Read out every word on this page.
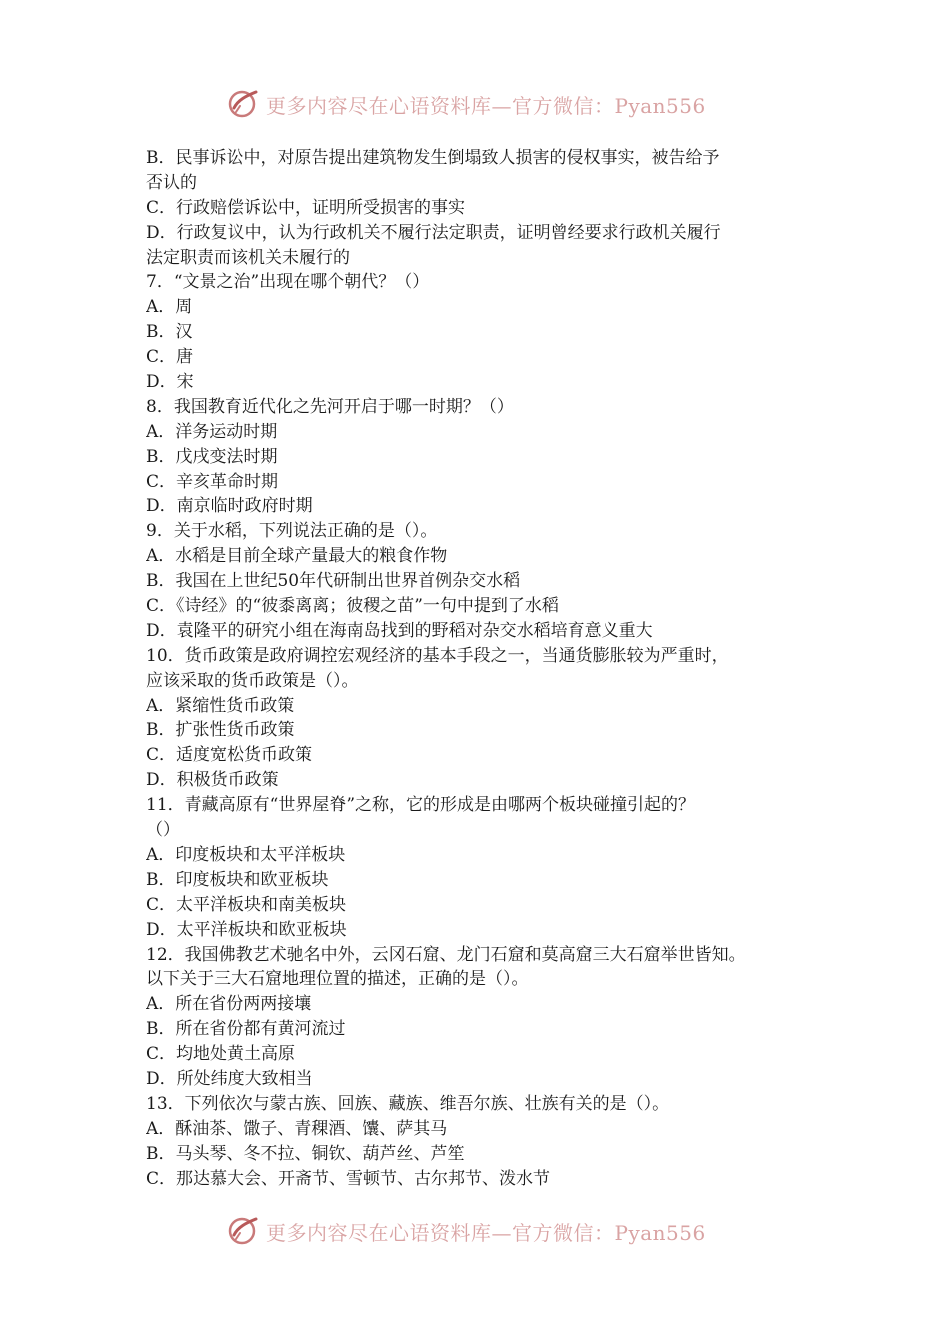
更多内容尽在心语资料库—官方微信：Pyan556
B．民事诉讼中，对原告提出建筑物发生倒塌致人损害的侵权事实，被告给予
否认的
C．行政赔偿诉讼中，证明所受损害的事实
D．行政复议中，认为行政机关不履行法定职责，证明曾经要求行政机关履行
法定职责而该机关未履行的
7．“文景之治”出现在哪个朝代？（）
A．周
B．汉
C．唐
D．宋
8．我国教育近代化之先河开启于哪一时期？（）
A．洋务运动时期
B．戊戌变法时期
C．辛亥革命时期
D．南京临时政府时期
9．关于水稻，下列说法正确的是（）。
A．水稻是目前全球产量最大的粮食作物
B．我国在上世纪50年代研制出世界首例杂交水稻
C．《诗经》的“彼黍离离；彼稷之苗”一句中提到了水稻
D．袁隆平的研究小组在海南岛找到的野稻对杂交水稻培育意义重大
10．货币政策是政府调控宏观经济的基本手段之一，当通货膨胀较为严重时，
应该采取的货币政策是（）。
A．紧缩性货币政策
B．扩张性货币政策
C．适度宽松货币政策
D．积极货币政策
11．青藏高原有“世界屋脊”之称，它的形成是由哪两个板块碰撞引起的？
（）
A．印度板块和太平洋板块
B．印度板块和欧亚板块
C．太平洋板块和南美板块
D．太平洋板块和欧亚板块
12．我国佛教艺术驰名中外，云冈石窟、龙门石窟和莫高窟三大石窟举世皆知。
以下关于三大石窟地理位置的描述，正确的是（）。
A．所在省份两两接壤
B．所在省份都有黄河流过
C．均地处黄土高原
D．所处纬度大致相当
13．下列依次与蒙古族、回族、藏族、维吾尔族、壮族有关的是（）。
A．酥油茶、馓子、青稞酒、馕、萨其马
B．马头琴、冬不拉、铜钦、葫芦丝、芦笙
C．那达慕大会、开斋节、雪顿节、古尔邦节、泼水节
更多内容尽在心语资料库—官方微信：Pyan556
